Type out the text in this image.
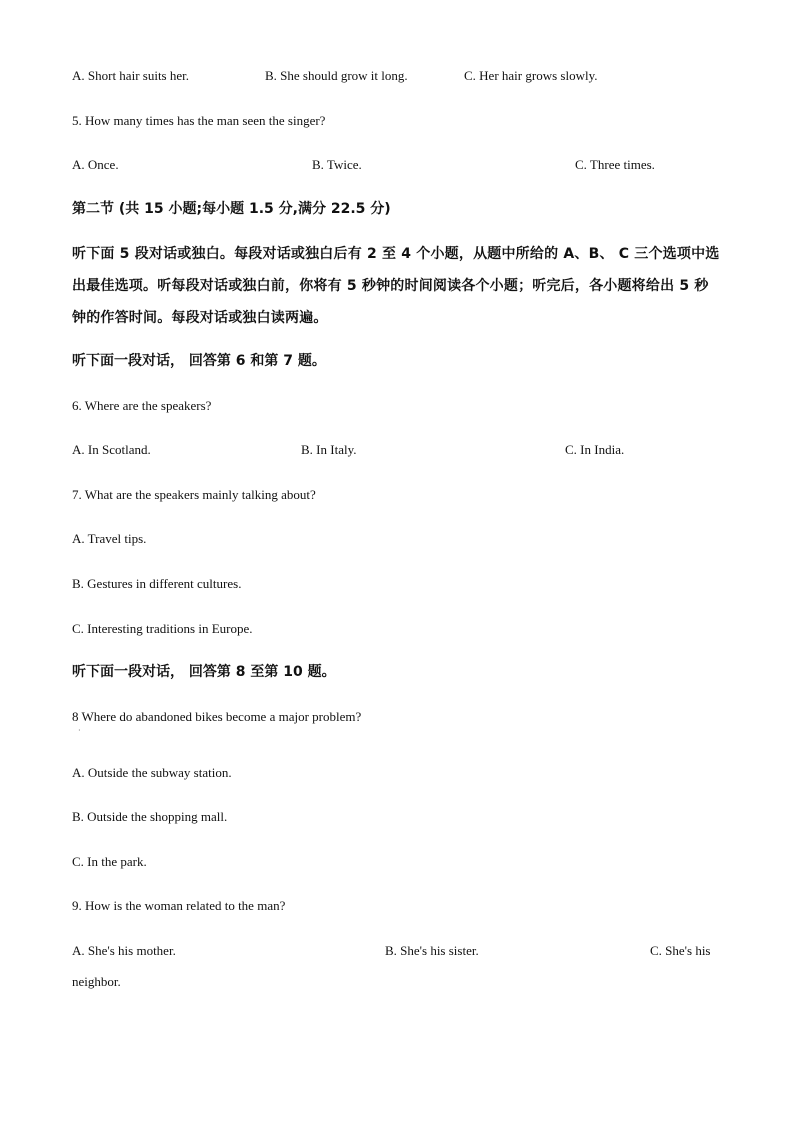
A. Short hair suits her.	B. She should grow it long.	C. Her hair grows slowly.
5. How many times has the man seen the singer?
A. Once.	B. Twice.	C. Three times.
第二节 (共 15 小题;每小题 1.5 分,满分 22.5 分)
听下面 5 段对话或独白。每段对话或独白后有 2 至 4 个小题，从题中所给的 A、B、 C 三个选项中选出最佳选项。听每段对话或独白前，你将有 5 秒钟的时间阅读各个小题；听完后，各小题将给出 5 秒钟的作答时间。每段对话或独白读两遍。
听下面一段对话， 回答第 6 和第 7 题。
6. Where are the speakers?
A. In Scotland.	B. In Italy.	C. In India.
7. What are the speakers mainly talking about?
A. Travel tips.
B. Gestures in different cultures.
C. Interesting traditions in Europe.
听下面一段对话， 回答第 8 至第 10 题。
8 Where do abandoned bikes become a major problem?
·
A. Outside the subway station.
B. Outside the shopping mall.
C. In the park.
9. How is the woman related to the man?
A. She's his mother.	B. She's his sister.	C. She's his
neighbor.
